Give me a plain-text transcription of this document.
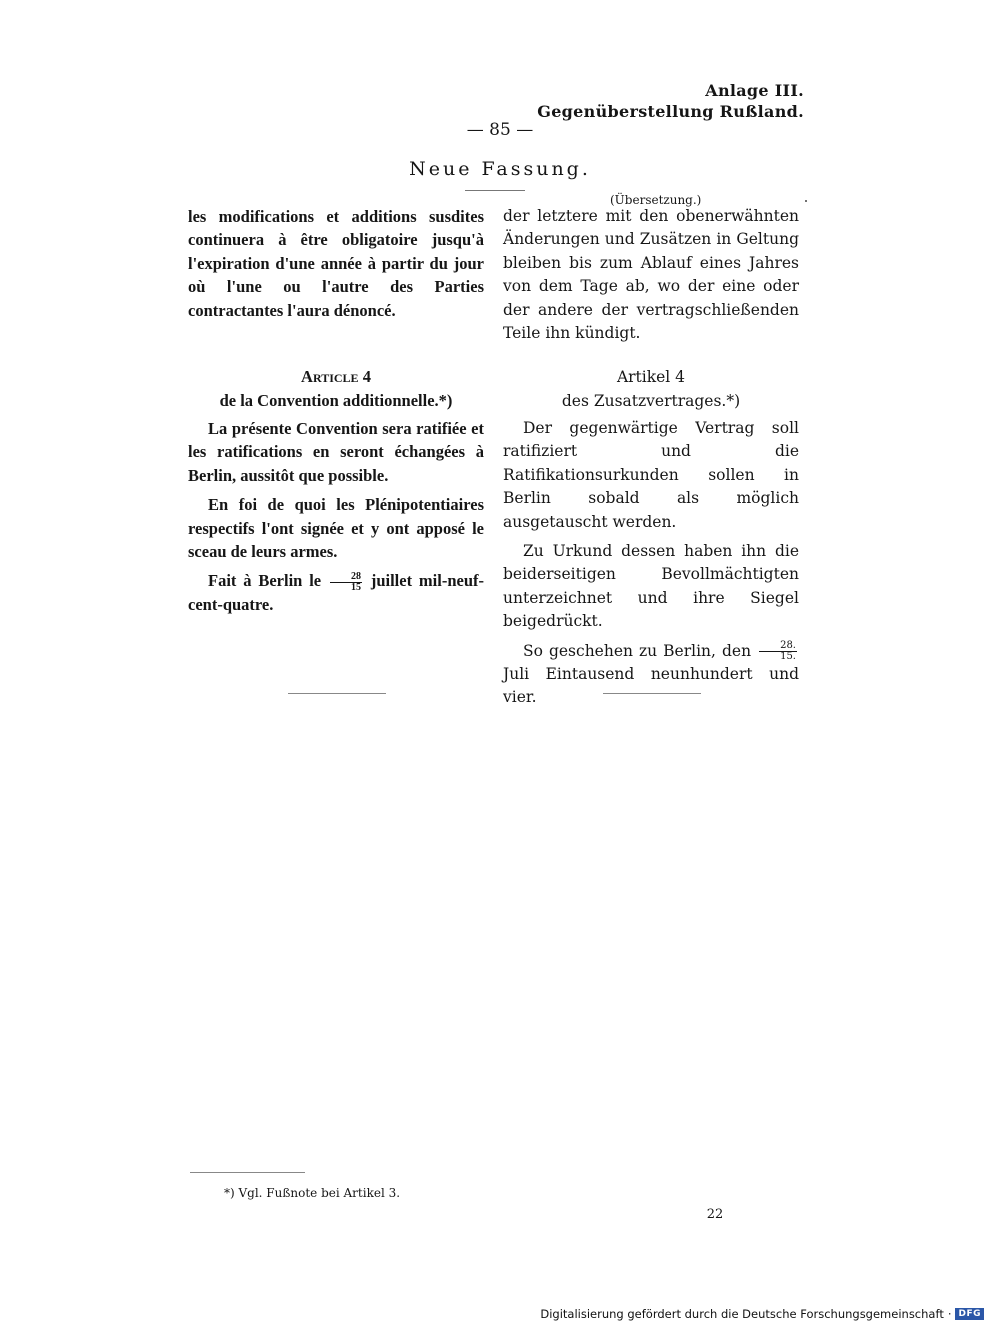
Anlage III.
Gegenüberstellung Rußland.
— 85 —
Neue Fassung.
(Übersetzung.)

les modifications et additions susdites continuera à être obligatoire jusqu'à l'expiration d'une année à partir du jour où l'une ou l'autre des Parties contractantes l'aura dénoncé.

Article 4
de la Convention additionnelle.*)

La présente Convention sera ratifiée et les ratifications en seront échangées à Berlin, aussitôt que possible.

En foi de quoi les Plénipotentiaires respectifs l'ont signée et y ont apposé le sceau de leurs armes.

Fait à Berlin le $\frac{28}{15}$ juillet mil-neuf-cent-quatre.

der letztere mit den obenerwähnten Änderungen und Zusätzen in Geltung bleiben bis zum Ablauf eines Jahres von dem Tage ab, wo der eine oder der andere der vertragschließenden Teile ihn kündigt.

Artikel 4
des Zusatzvertrages.*)

Der gegenwärtige Vertrag soll ratifiziert und die Ratifikationsurkunden sollen in Berlin sobald als möglich ausgetauscht werden.

Zu Urkund dessen haben ihn die beiderseitigen Bevollmächtigten unterzeichnet und ihre Siegel beigedrückt.

So geschehen zu Berlin, den $\frac{28.}{15.}$
Juli Eintausend neunhundert und vier.

*) Vgl. Fußnote bei Artikel 3.
22
Digitalisierung gefördert durch die Deutsche Forschungsgemeinschaft · DFG
